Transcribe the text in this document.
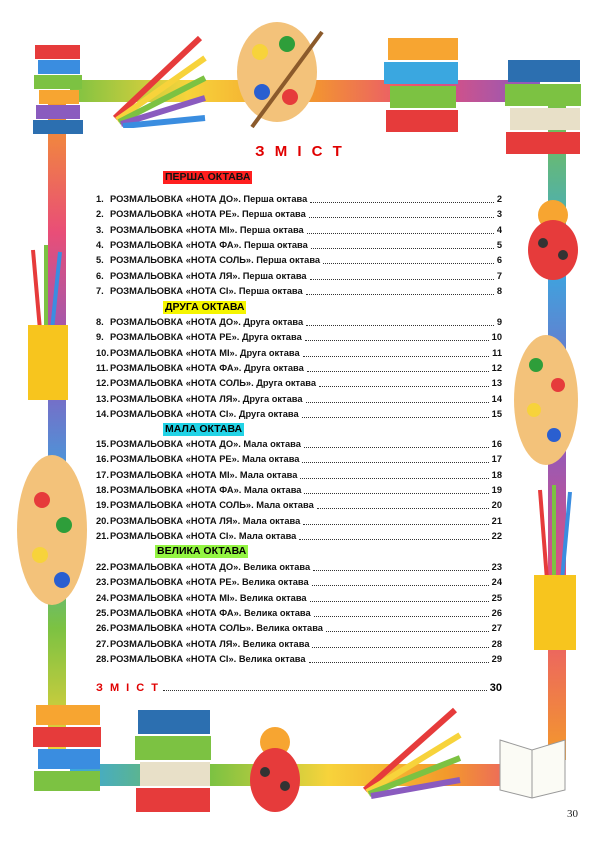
З М І С Т
ПЕРША ОКТАВА
ДРУГА ОКТАВА
МАЛА ОКТАВА
ВЕЛИКА ОКТАВА
1. РОЗМАЛЬОВКА «НОТА ДО». Перша октава	2
2. РОЗМАЛЬОВКА «НОТА РЕ». Перша октава	3
3. РОЗМАЛЬОВКА «НОТА МІ». Перша октава	4
4. РОЗМАЛЬОВКА «НОТА ФА». Перша октава	5
5. РОЗМАЛЬОВКА «НОТА СОЛЬ». Перша октава	6
6. РОЗМАЛЬОВКА «НОТА ЛЯ». Перша октава	7
7. РОЗМАЛЬОВКА «НОТА СІ». Перша октава	8
8. РОЗМАЛЬОВКА «НОТА ДО». Друга октава	9
9. РОЗМАЛЬОВКА «НОТА РЕ». Друга октава	10
10. РОЗМАЛЬОВКА «НОТА МІ». Друга октава	11
11. РОЗМАЛЬОВКА «НОТА ФА». Друга октава	12
12. РОЗМАЛЬОВКА «НОТА СОЛЬ». Друга октава	13
13. РОЗМАЛЬОВКА «НОТА ЛЯ». Друга октава	14
14. РОЗМАЛЬОВКА «НОТА СІ». Друга октава	15
15. РОЗМАЛЬОВКА «НОТА ДО». Мала октава	16
16. РОЗМАЛЬОВКА «НОТА РЕ». Мала октава	17
17. РОЗМАЛЬОВКА «НОТА МІ». Мала октава	18
18. РОЗМАЛЬОВКА «НОТА ФА». Мала октава	19
19. РОЗМАЛЬОВКА «НОТА СОЛЬ». Мала октава	20
20. РОЗМАЛЬОВКА «НОТА ЛЯ». Мала октава	21
21. РОЗМАЛЬОВКА «НОТА СІ». Мала октава	22
22. РОЗМАЛЬОВКА «НОТА ДО». Велика октава	23
23. РОЗМАЛЬОВКА «НОТА РЕ». Велика октава	24
24. РОЗМАЛЬОВКА «НОТА МІ». Велика октава	25
25. РОЗМАЛЬОВКА «НОТА ФА». Велика октава	26
26. РОЗМАЛЬОВКА «НОТА СОЛЬ». Велика октава	27
27. РОЗМАЛЬОВКА «НОТА ЛЯ». Велика октава	28
28. РОЗМАЛЬОВКА «НОТА СІ». Велика октава	29
З М І С Т	30
30
